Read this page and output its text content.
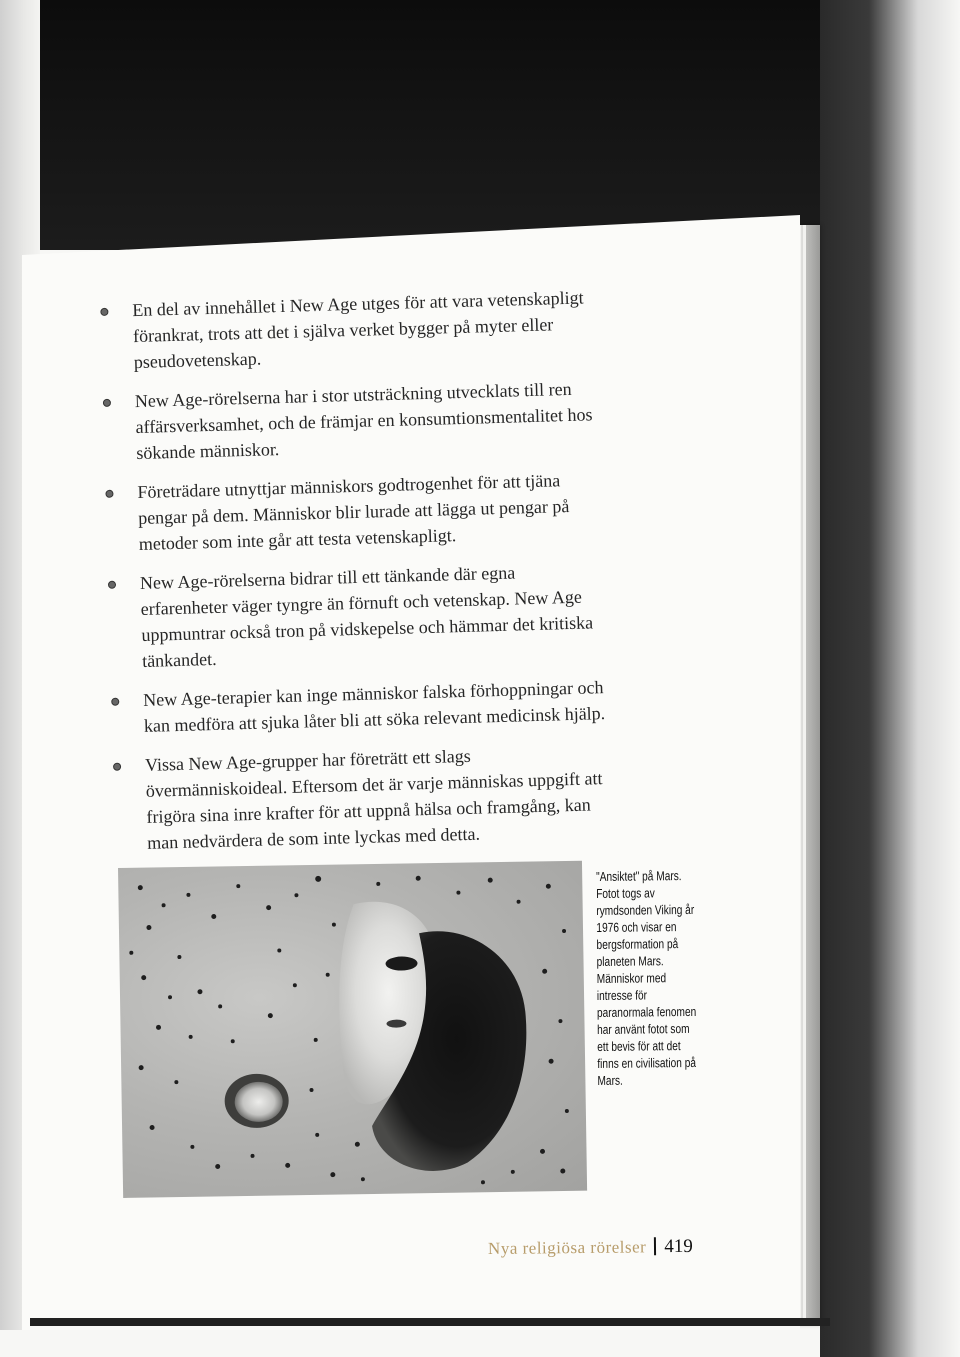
En del av innehållet i New Age utges för att vara vetenskapligt förankrat, trots att det i själva verket bygger på myter eller pseudovetenskap.
New Age-rörelserna har i stor utsträckning utvecklats till ren affärsverksamhet, och de främjar en konsumtionsmentalitet hos sökande människor.
Företrädare utnyttjar människors godtrogenhet för att tjäna pengar på dem. Människor blir lurade att lägga ut pengar på metoder som inte går att testa vetenskapligt.
New Age-rörelserna bidrar till ett tänkande där egna erfarenheter väger tyngre än förnuft och vetenskap. New Age uppmuntrar också tron på vidskepelse och hämmar det kritiska tänkandet.
New Age-terapier kan inge människor falska förhoppningar och kan medföra att sjuka låter bli att söka relevant medicinsk hjälp.
Vissa New Age-grupper har företrätt ett slags övermänniskoideal. Eftersom det är varje människas uppgift att frigöra sina inre krafter för att uppnå hälsa och framgång, kan man nedvärdera de som inte lyckas med detta.
"Ansiktet" på Mars. Fotot togs av rymdsonden Viking år 1976 och visar en bergsformation på planeten Mars. Människor med intresse för paranormala fenomen har använt fotot som ett bevis för att det finns en civilisation på Mars.
Nya religiösa rörelser 419
